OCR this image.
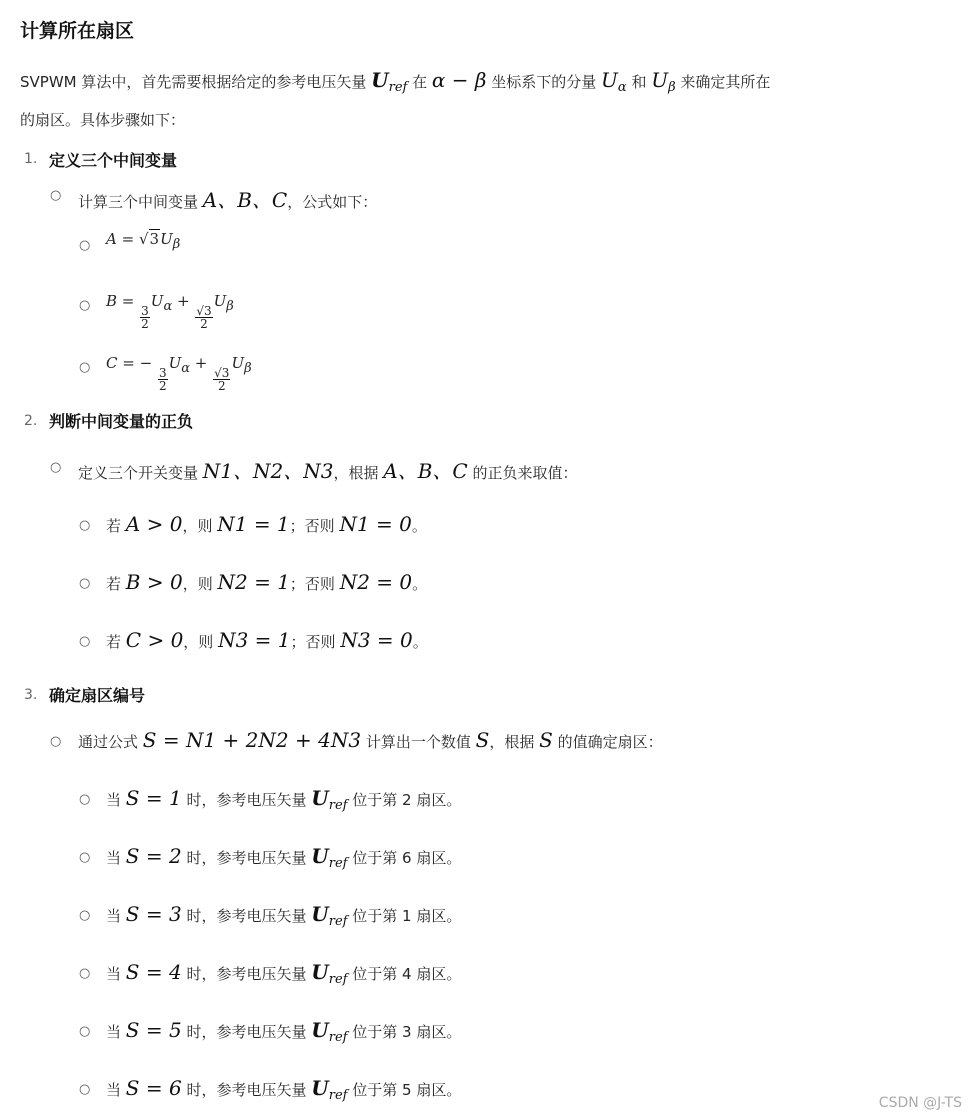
计算所在扇区
SVPWM 算法中，首先需要根据给定的参考电压矢量 $U_{ref}$ 在 α − β 坐标系下的分量 $U_\alpha$ 和 $U_\beta$ 来确定其所在
的扇区。具体步骤如下：
1. 定义三个中间变量
○ 计算三个中间变量 A、B、C，公式如下：
○ $A = √3U_\beta$
○ B =
$\frac{3}{2}$
$U_\alpha$ +
$\frac{√3}{2}$
$U_\beta$
○ C = −
$\frac{3}{2}$
$U_\alpha$ +
$\frac{√3}{2}$
$U_\beta$
2. 判断中间变量的正负
○ 定义三个开关变量 N1、N2、N3，根据 A、B、C 的正负来取值：
○ 若 A > 0，则 N1 = 1；否则 N1 = 0。
○ 若 B > 0，则 N2 = 1；否则 N2 = 0。
○ 若 C > 0，则 N3 = 1；否则 N3 = 0。
3. 确定扇区编号
○ 通过公式 S = N1 + 2N2 + 4N3 计算出一个数值 S，根据 S 的值确定扇区：
○ 当 S = 1 时，参考电压矢量 $U_{ref}$ 位于第 2 扇区。
○ 当 S = 2 时，参考电压矢量 $U_{ref}$ 位于第 6 扇区。
○ 当 S = 3 时，参考电压矢量 $U_{ref}$ 位于第 1 扇区。
○ 当 S = 4 时，参考电压矢量 $U_{ref}$ 位于第 4 扇区。
○ 当 S = 5 时，参考电压矢量 $U_{ref}$ 位于第 3 扇区。
○ 当 S = 6 时，参考电压矢量 $U_{ref}$ 位于第 5 扇区。
CSDN @J-TS
